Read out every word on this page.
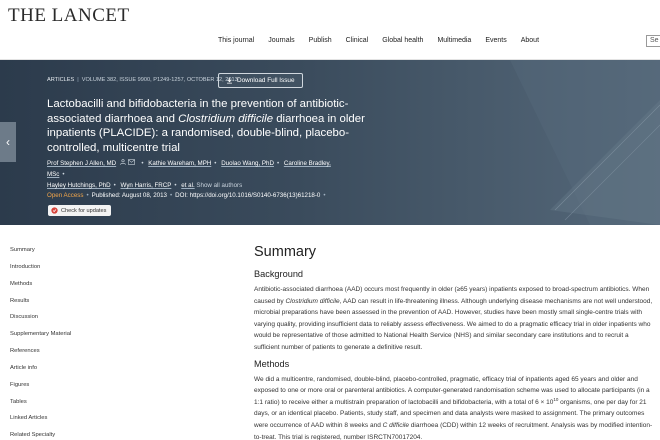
THE LANCET
This journal Journals Publish Clinical Global health Multimedia Events About	Se
‹
ARTICLES | VOLUME 382, ISSUE 9900, P1249-1257, OCTOBER 12, 2013 Download Full Issue
Lactobacilli and bifidobacteria in the prevention of antibiotic-associated diarrhoea and Clostridium difficile diarrhoea in older inpatients (PLACIDE): a randomised, double-blind, placebo-controlled, multicentre trial
Prof Stephen J Allen, MD	• Kathie Wareham, MPH • Duolao Wang, PhD • Caroline Bradley, MSc •
Hayley Hutchings, PhD • Wyn Harris, FRCP • et al. Show all authors
Open Access • Published: August 08, 2013 • DOI: https://doi.org/10.1016/S0140-6736(13)61218-0 •
Check for updates
Summary
Introduction
Methods
Results
Discussion
Supplementary Material
References
Article info
Figures
Tables
Linked Articles
Related Specialty
Summary
Background

Antibiotic-associated diarrhoea (AAD) occurs most frequently in older (≥65 years) inpatients exposed to broad-spectrum antibiotics. When caused by Clostridium difficile, AAD can result in life-threatening illness. Although underlying disease mechanisms are not well understood, microbial preparations have been assessed in the prevention of AAD. However, studies have been mostly small single-centre trials with varying quality, providing insufficient data to reliably assess effectiveness. We aimed to do a pragmatic efficacy trial in older inpatients who would be representative of those admitted to National Health Service (NHS) and similar secondary care institutions and to recruit a sufficient number of patients to generate a definitive result.

Methods

We did a multicentre, randomised, double-blind, placebo-controlled, pragmatic, efficacy trial of inpatients aged 65 years and older and exposed to one or more oral or parenteral antibiotics. A computer-generated randomisation scheme was used to allocate participants (in a 1:1 ratio) to receive either a multistrain preparation of lactobacilli and bifidobacteria, with a total of $6 \times 10^{10}$ organisms, one per day for 21 days, or an identical placebo. Patients, study staff, and specimen and data analysts were masked to assignment. The primary outcomes were occurrence of AAD within 8 weeks and C difficile diarrhoea (CDD) within 12 weeks of recruitment. Analysis was by modified intention-to-treat. This trial is registered, number ISRCTN70017204.
